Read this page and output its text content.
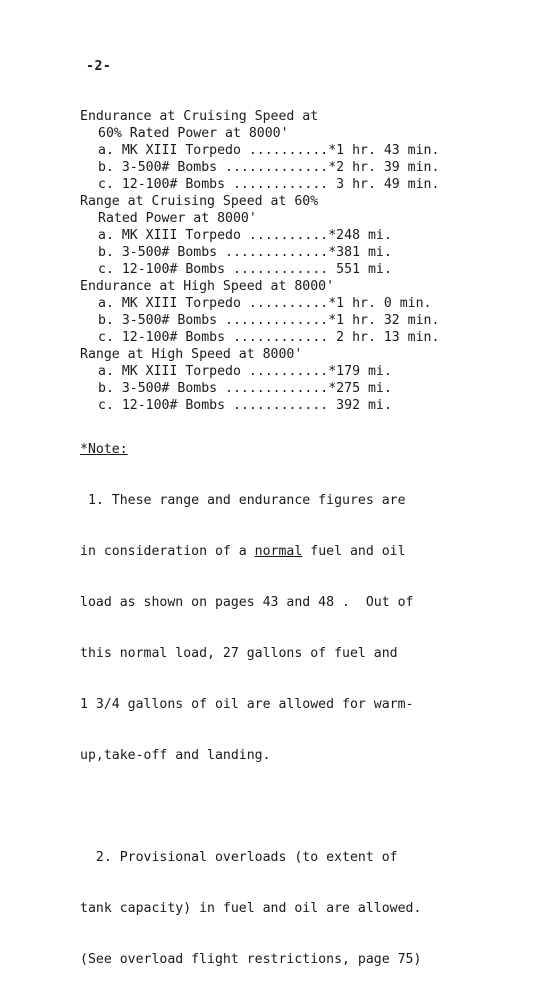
-2-
Endurance at Cruising Speed at
60% Rated Power at 8000'
a. MK XIII Torpedo ..........*1 hr. 43 min.
b. 3-500# Bombs .............*2 hr. 39 min.
c. 12-100# Bombs ............ 3 hr. 49 min.
Range at Cruising Speed at 60%
Rated Power at 8000'
a. MK XIII Torpedo ..........*248 mi.
b. 3-500# Bombs .............*381 mi.
c. 12-100# Bombs ............ 551 mi.
Endurance at High Speed at 8000'
a. MK XIII Torpedo ..........*1 hr. 0 min.
b. 3-500# Bombs .............*1 hr. 32 min.
c. 12-100# Bombs ............ 2 hr. 13 min.
Range at High Speed at 8000'
a. MK XIII Torpedo ..........*179 mi.
b. 3-500# Bombs .............*275 mi.
c. 12-100# Bombs ............ 392 mi.
*Note:

1. These range and endurance figures are

in consideration of a normal fuel and oil

load as shown on pages 43 and 48 .  Out of

this normal load, 27 gallons of fuel and

1 3/4 gallons of oil are allowed for warm-

up,take-off and landing.

2. Provisional overloads (to extent of

tank capacity) in fuel and oil are allowed.

(See overload flight restrictions, page 75)
